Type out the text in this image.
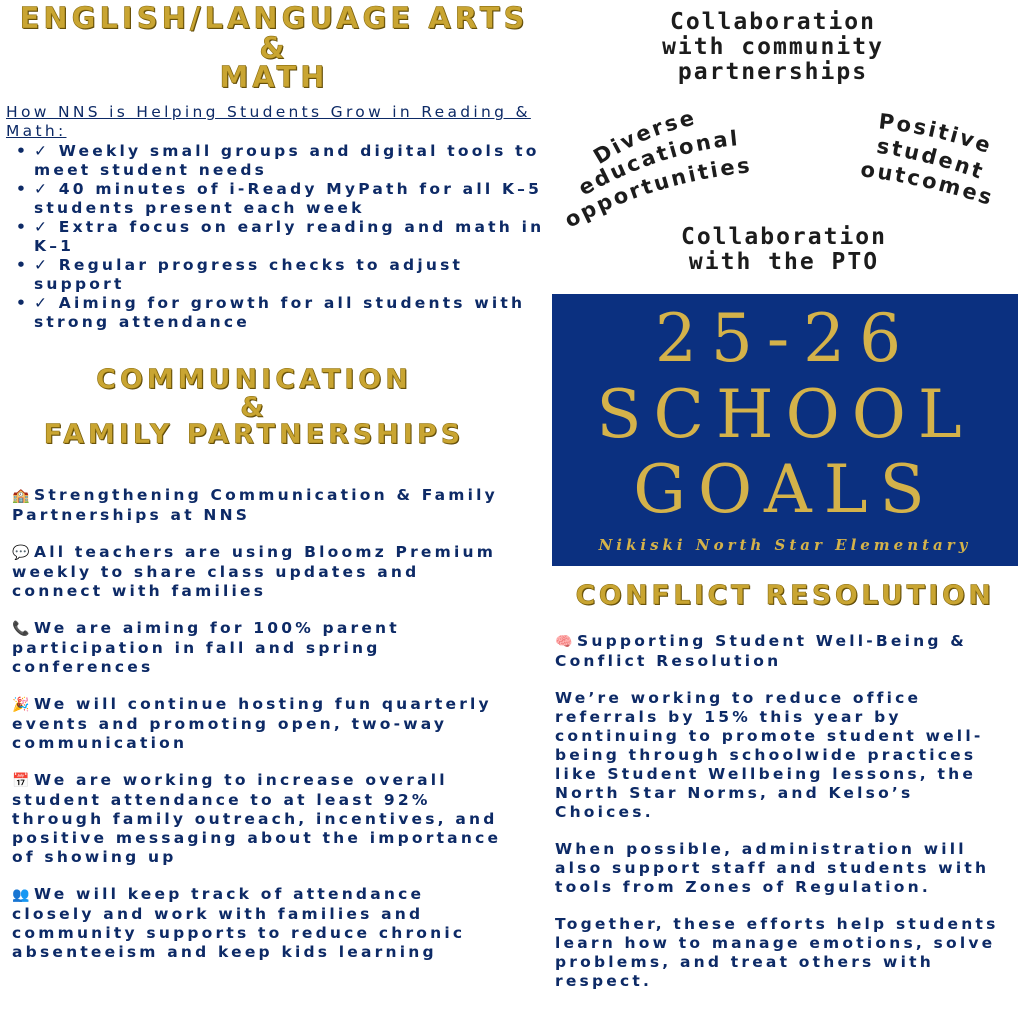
ENGLISH/LANGUAGE ARTS
&
MATH
How NNS is Helping Students Grow in Reading & Math:
• ✓ Weekly small groups and digital tools to meet student needs
• ✓ 40 minutes of i-Ready MyPath for all K–5 students present each week
• ✓ Extra focus on early reading and math in K–1
• ✓ Regular progress checks to adjust support
• ✓ Aiming for growth for all students with strong attendance
COMMUNICATION
&
FAMILY PARTNERSHIPS

🏫 Strengthening Communication & Family Partnerships at NNS

💬 All teachers are using Bloomz Premium weekly to share class updates and connect with families

📞 We are aiming for 100% parent participation in fall and spring conferences

🎉 We will continue hosting fun quarterly events and promoting open, two-way communication

📅 We are working to increase overall student attendance to at least 92% through family outreach, incentives, and positive messaging about the importance of showing up

👥 We will keep track of attendance closely and work with families and community supports to reduce chronic absenteeism and keep kids learning

Collaboration
with community
partnerships
Diverse
educational
opportunities
Positive
student
outcomes
Collaboration
with the PTO
25-26
SCHOOL
GOALS
Nikiski North Star Elementary
CONFLICT RESOLUTION

🧠 Supporting Student Well-Being & Conflict Resolution

We’re working to reduce office referrals by 15% this year by continuing to promote student well-being through schoolwide practices like Student Wellbeing lessons, the North Star Norms, and Kelso’s Choices.

When possible, administration will also support staff and students with tools from Zones of Regulation.

Together, these efforts help students learn how to manage emotions, solve problems, and treat others with respect.
